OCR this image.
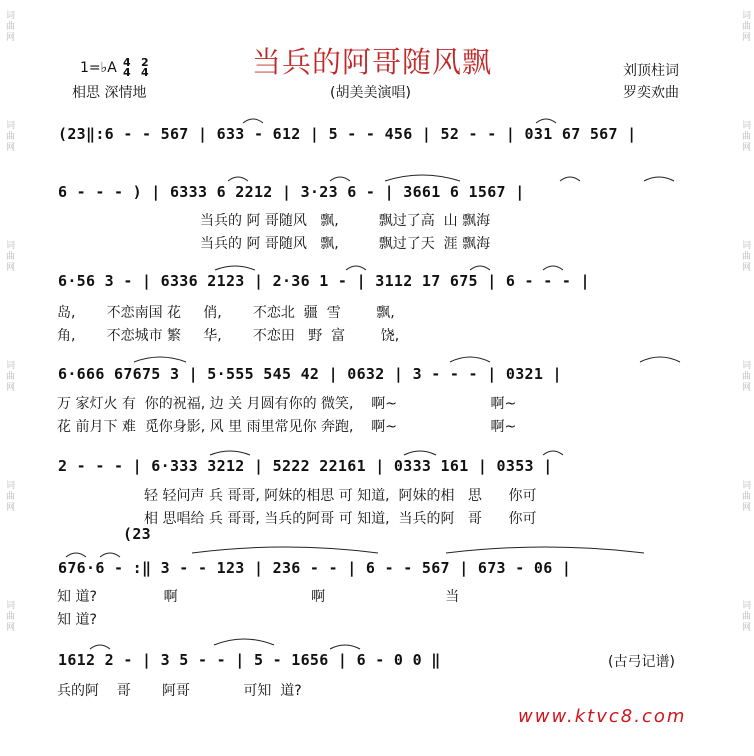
词曲网
词曲网
词曲网
词曲网
词曲网
词曲网
词曲网
词曲网
词曲网
词曲网
词曲网
词曲网
1=♭A 4
4
2
4	当兵的阿哥随风飘
相思 深情地	(胡美美演唱)
刘顶柱词
罗奕欢曲
(23‖:6 - - 567 | 633 - 612 | 5 - - 456 | 52 - - | 031 67 567 |
6 - - - ) | 6333 6 2212 | 3·23 6 - | 3661 6 1567 |
6·56 3 - | 6336 2123 | 2·36 1 - | 3112 17 675 | 6 - - - |
6·666 67675 3 | 5·555 545 42 | 0632 | 3 - - - | 0321 |
2 - - - | 6·333 3212 | 5222 22161 | 0333 161 | 0353 |
(23
676·6 - :‖ 3 - - 123 | 236 - - | 6 - - 567 | 673 - 06 |
1612 2 - | 3 5 - - | 5 - 1656 | 6 - 0 0 ‖
当兵的 阿 哥随风   飘,         飘过了高  山 飘海
当兵的 阿 哥随风   飘,         飘过了天  涯 飘海
岛,       不恋南国 花     俏,       不恋北  疆  雪        飘,
角,       不恋城市 繁     华,       不恋田   野  富        饶,
万 家灯火 有  你的祝福, 边 关 月圆有你的 微笑,    啊~                     啊~
花 前月下 难  觅你身影, 风 里 雨里常见你 奔跑,    啊~                     啊~
轻 轻问声 兵 哥哥, 阿妹的相思 可 知道,  阿妹的相   思      你可
相 思唱给 兵 哥哥, 当兵的阿哥 可 知道,  当兵的阿   哥      你可
知 道?               啊                              啊                           当
知 道?
兵的阿    哥       阿哥            可知  道?
(古弓记谱)
www.ktvc8.com
